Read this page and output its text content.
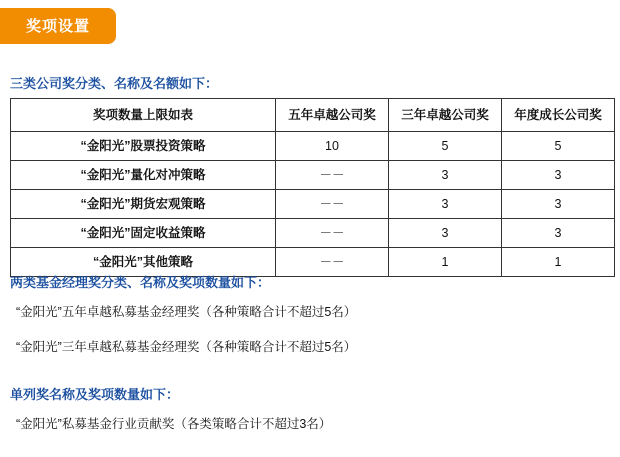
奖项设置
三类公司奖分类、名称及名额如下：
奖项数量上限如表	五年卓越公司奖	三年卓越公司奖	年度成长公司奖
“金阳光”股票投资策略	10	5	5
“金阳光”量化对冲策略	－－	3	3
“金阳光”期货宏观策略	－－	3	3
“金阳光”固定收益策略	－－	3	3
“金阳光”其他策略	－－	1	1
两类基金经理奖分类、名称及奖项数量如下：
“金阳光”五年卓越私募基金经理奖（各种策略合计不超过5名）
“金阳光”三年卓越私募基金经理奖（各种策略合计不超过5名）
单列奖名称及奖项数量如下：
“金阳光”私募基金行业贡献奖（各类策略合计不超过3名）
